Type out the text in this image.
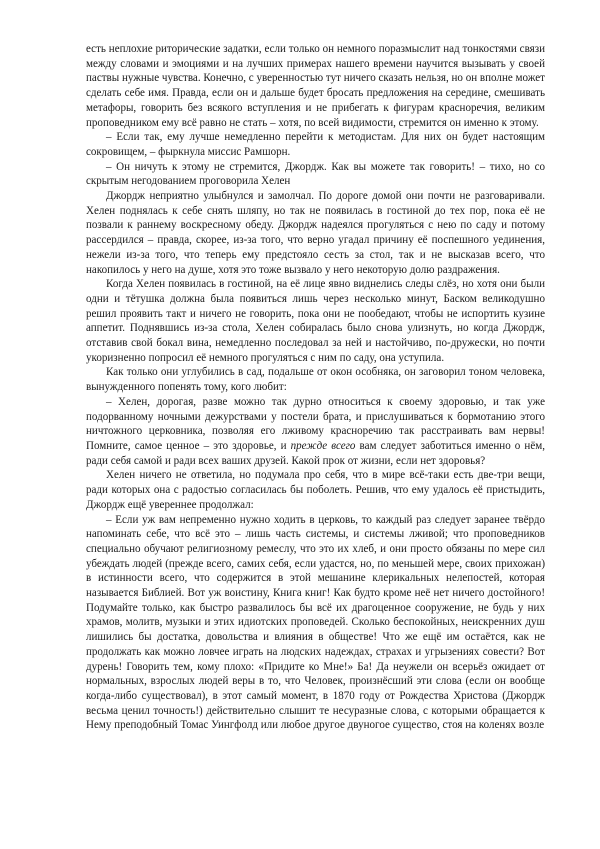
есть неплохие риторические задатки, если только он немного поразмыслит над тонкостями связи между словами и эмоциями и на лучших примерах нашего времени научится вызывать у своей паствы нужные чувства. Конечно, с уверенностью тут ничего сказать нельзя, но он вполне может сделать себе имя. Правда, если он и дальше будет бросать предложения на середине, смешивать метафоры, говорить без всякого вступления и не прибегать к фигурам красноречия, великим проповедником ему всё равно не стать – хотя, по всей видимости, стремится он именно к этому.

– Если так, ему лучше немедленно перейти к методистам. Для них он будет настоящим сокровищем, – фыркнула миссис Рамшорн.

– Он ничуть к этому не стремится, Джордж. Как вы можете так говорить! – тихо, но со скрытым негодованием проговорила Хелен

Джордж неприятно улыбнулся и замолчал. По дороге домой они почти не разговаривали. Хелен поднялась к себе снять шляпу, но так не появилась в гостиной до тех пор, пока её не позвали к раннему воскресному обеду. Джордж надеялся прогуляться с нею по саду и потому рассердился – правда, скорее, из-за того, что верно угадал причину её поспешного уединения, нежели из-за того, что теперь ему предстояло сесть за стол, так и не высказав всего, что накопилось у него на душе, хотя это тоже вызвало у него некоторую долю раздражения.

Когда Хелен появилась в гостиной, на её лице явно виднелись следы слёз, но хотя они были одни и тётушка должна была появиться лишь через несколько минут, Баском великодушно решил проявить такт и ничего не говорить, пока они не пообедают, чтобы не испортить кузине аппетит. Поднявшись из-за стола, Хелен собиралась было снова улизнуть, но когда Джордж, отставив свой бокал вина, немедленно последовал за ней и настойчиво, по-дружески, но почти укоризненно попросил её немного прогуляться с ним по саду, она уступила.

Как только они углубились в сад, подальше от окон особняка, он заговорил тоном человека, вынужденного попенять тому, кого любит:

– Хелен, дорогая, разве можно так дурно относиться к своему здоровью, и так уже подорванному ночными дежурствами у постели брата, и прислушиваться к бормотанию этого ничтожного церковника, позволяя его лживому красноречию так расстраивать вам нервы! Помните, самое ценное – это здоровье, и прежде всего вам следует заботиться именно о нём, ради себя самой и ради всех ваших друзей. Какой прок от жизни, если нет здоровья?

Хелен ничего не ответила, но подумала про себя, что в мире всё-таки есть две-три вещи, ради которых она с радостью согласилась бы поболеть. Решив, что ему удалось её пристыдить, Джордж ещё увереннее продолжал:

– Если уж вам непременно нужно ходить в церковь, то каждый раз следует заранее твёрдо напоминать себе, что всё это – лишь часть системы, и системы лживой; что проповедников специально обучают религиозному ремеслу, что это их хлеб, и они просто обязаны по мере сил убеждать людей (прежде всего, самих себя, если удастся, но, по меньшей мере, своих прихожан) в истинности всего, что содержится в этой мешанине клерикальных нелепостей, которая называется Библией. Вот уж воистину, Книга книг! Как будто кроме неё нет ничего достойного! Подумайте только, как быстро развалилось бы всё их драгоценное сооружение, не будь у них храмов, молитв, музыки и этих идиотских проповедей. Сколько беспокойных, неискренних душ лишились бы достатка, довольства и влияния в обществе! Что же ещё им остаётся, как не продолжать как можно ловчее играть на людских надеждах, страхах и угрызениях совести? Вот дурень! Говорить тем, кому плохо: «Придите ко Мне!» Ба! Да неужели он всерьёз ожидает от нормальных, взрослых людей веры в то, что Человек, произнёсший эти слова (если он вообще когда-либо существовал), в этот самый момент, в 1870 году от Рождества Христова (Джордж весьма ценил точность!) действительно слышит те несуразные слова, с которыми обращается к Нему преподобный Томас Уингфолд или любое другое двуногое существо, стоя на коленях возле
